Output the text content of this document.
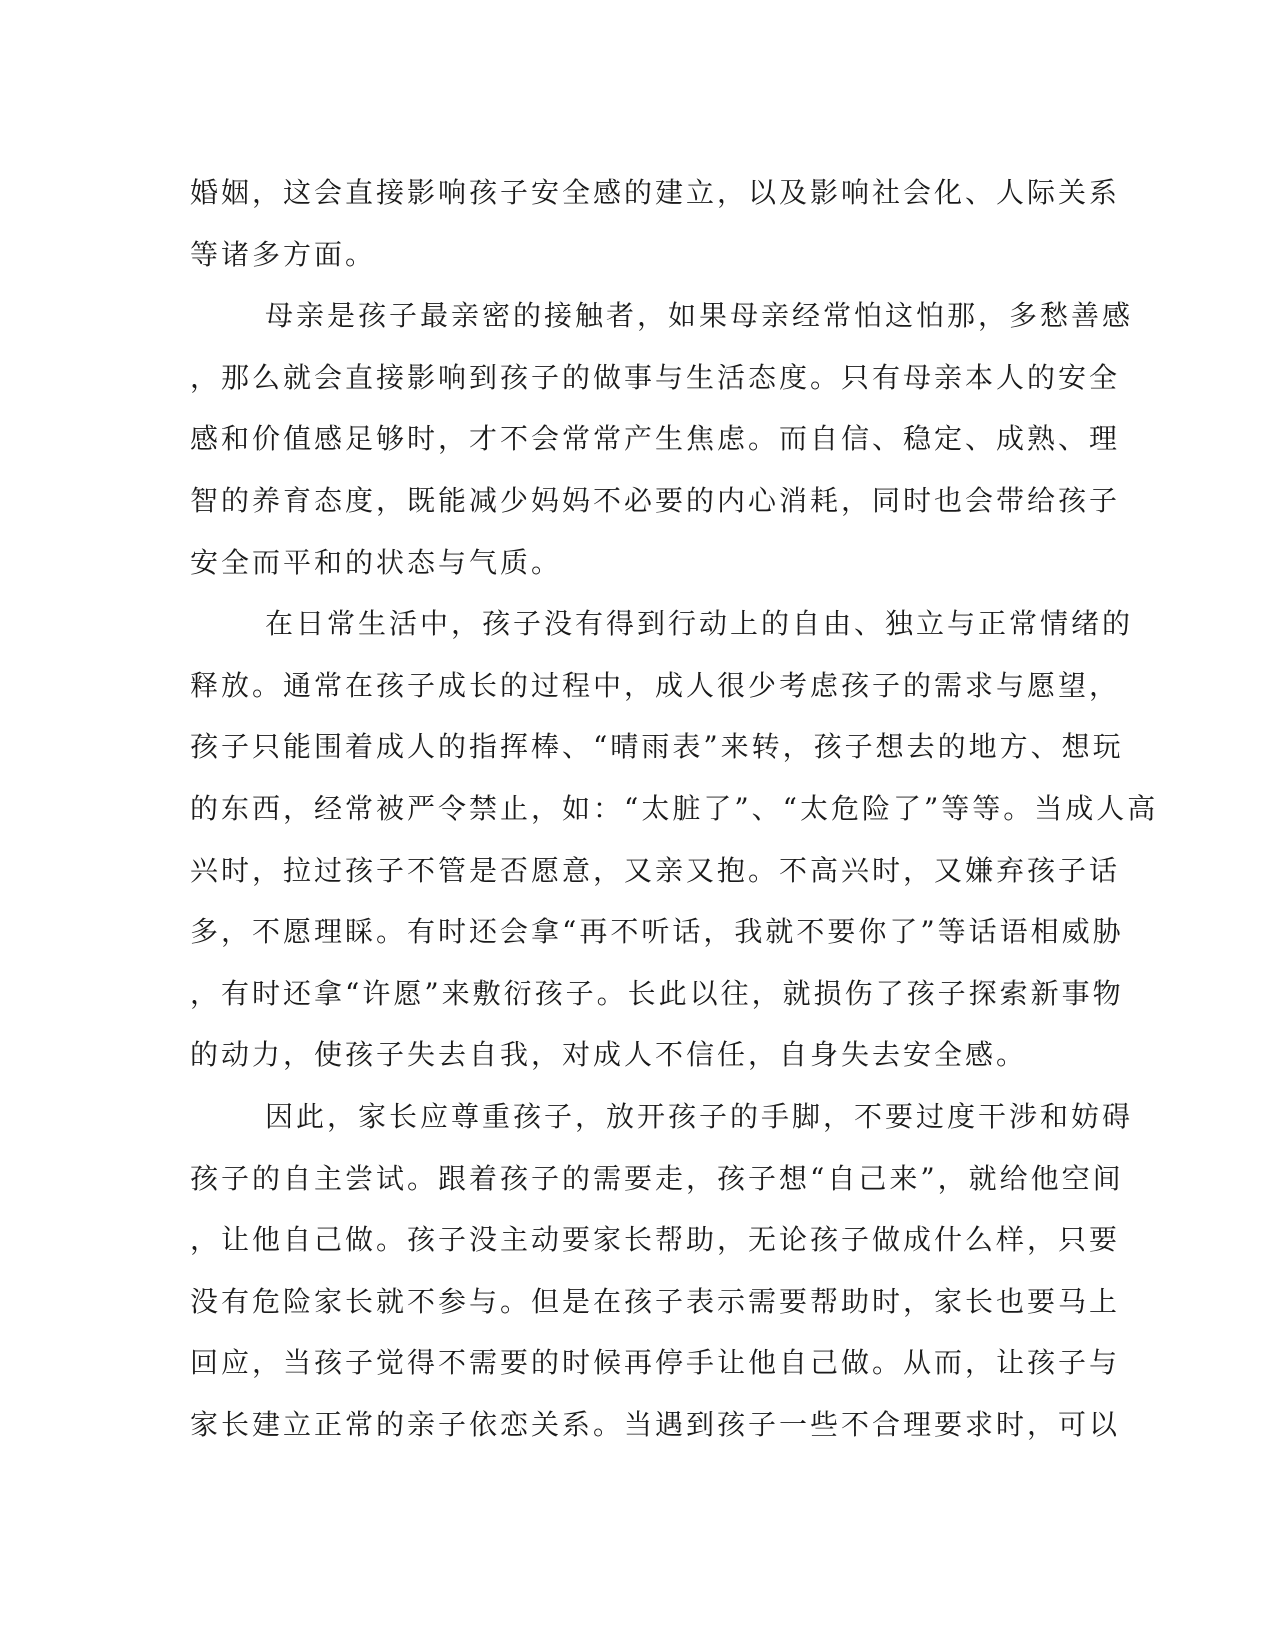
婚姻，这会直接影响孩子安全感的建立，以及影响社会化、人际关系
等诸多方面。
母亲是孩子最亲密的接触者，如果母亲经常怕这怕那，多愁善感
，那么就会直接影响到孩子的做事与生活态度。只有母亲本人的安全
感和价值感足够时，才不会常常产生焦虑。而自信、稳定、成熟、理
智的养育态度，既能减少妈妈不必要的内心消耗，同时也会带给孩子
安全而平和的状态与气质。
在日常生活中，孩子没有得到行动上的自由、独立与正常情绪的
释放。通常在孩子成长的过程中，成人很少考虑孩子的需求与愿望，
孩子只能围着成人的指挥棒、“晴雨表”来转，孩子想去的地方、想玩
的东西，经常被严令禁止，如：“太脏了”、“太危险了”等等。当成人高
兴时，拉过孩子不管是否愿意，又亲又抱。不高兴时，又嫌弃孩子话
多，不愿理睬。有时还会拿“再不听话，我就不要你了”等话语相威胁
，有时还拿“许愿”来敷衍孩子。长此以往，就损伤了孩子探索新事物
的动力，使孩子失去自我，对成人不信任，自身失去安全感。
因此，家长应尊重孩子，放开孩子的手脚，不要过度干涉和妨碍
孩子的自主尝试。跟着孩子的需要走，孩子想“自己来”，就给他空间
，让他自己做。孩子没主动要家长帮助，无论孩子做成什么样，只要
没有危险家长就不参与。但是在孩子表示需要帮助时，家长也要马上
回应，当孩子觉得不需要的时候再停手让他自己做。从而，让孩子与
家长建立正常的亲子依恋关系。当遇到孩子一些不合理要求时，可以
